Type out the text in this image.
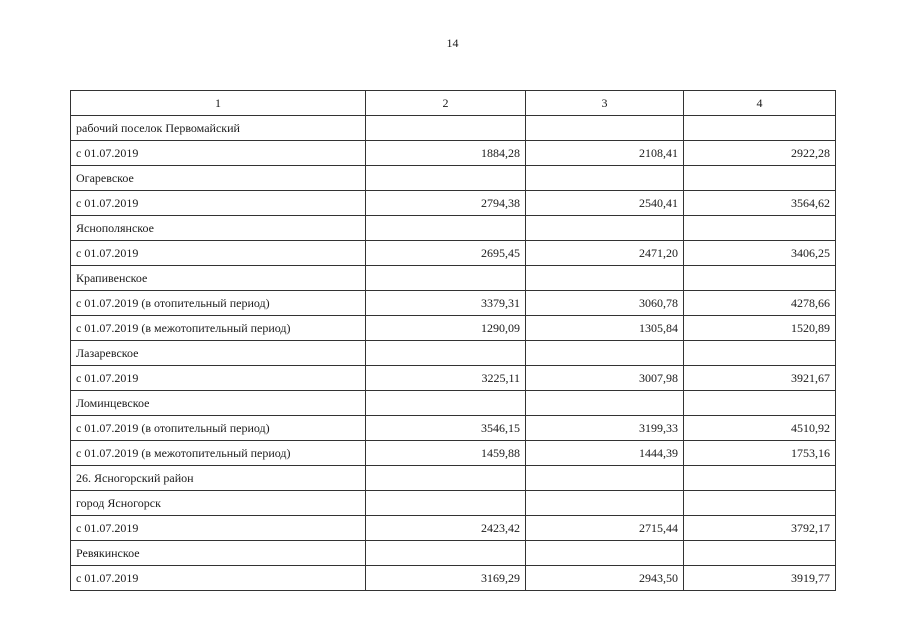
14
1	2	3	4
рабочий поселок Первомайский			
с 01.07.2019	1884,28	2108,41	2922,28
Огаревское			
с 01.07.2019	2794,38	2540,41	3564,62
Яснополянское			
с 01.07.2019	2695,45	2471,20	3406,25
Крапивенское			
с 01.07.2019 (в отопительный период)	3379,31	3060,78	4278,66
с 01.07.2019 (в межотопительный период)	1290,09	1305,84	1520,89
Лазаревское			
с 01.07.2019	3225,11	3007,98	3921,67
Ломинцевское			
с 01.07.2019 (в отопительный период)	3546,15	3199,33	4510,92
с 01.07.2019 (в межотопительный период)	1459,88	1444,39	1753,16
26. Ясногорский район			
город Ясногорск			
с 01.07.2019	2423,42	2715,44	3792,17
Ревякинское			
с 01.07.2019	3169,29	2943,50	3919,77
